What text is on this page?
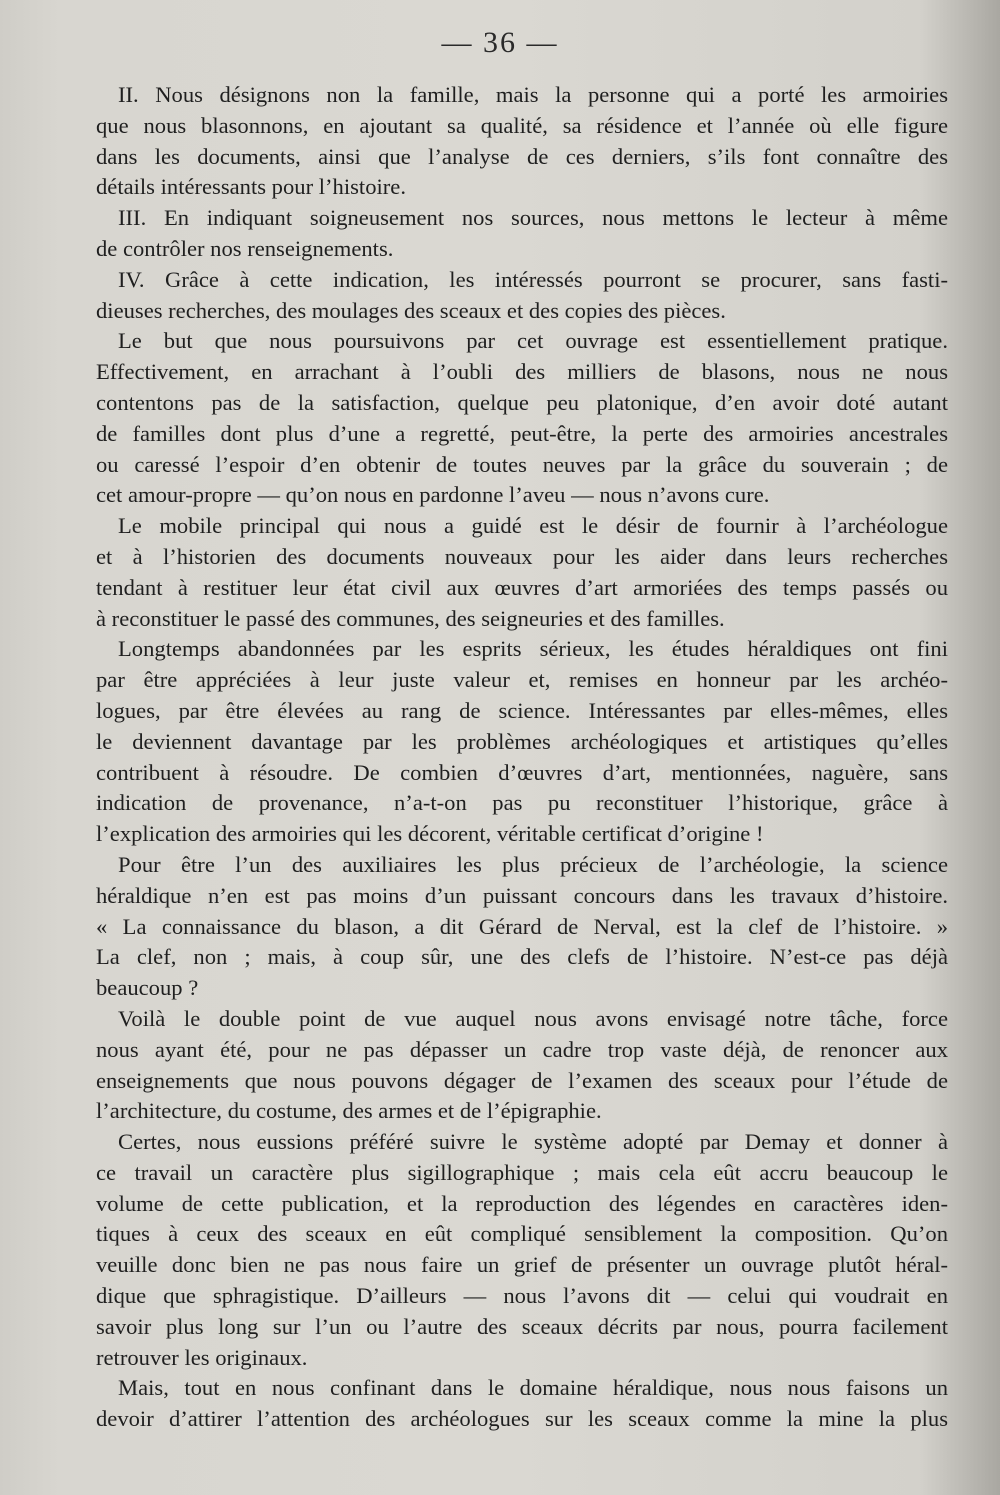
— 36 —

II. Nous désignons non la famille, mais la personne qui a porté les armoiries

que nous blasonnons, en ajoutant sa qualité, sa résidence et l’année où elle figure

dans les documents, ainsi que l’analyse de ces derniers, s’ils font connaître des

détails intéressants pour l’histoire.

III. En indiquant soigneusement nos sources, nous mettons le lecteur à même

de contrôler nos renseignements.

IV. Grâce à cette indication, les intéressés pourront se procurer, sans fasti-

dieuses recherches, des moulages des sceaux et des copies des pièces.

Le but que nous poursuivons par cet ouvrage est essentiellement pratique.

Effectivement, en arrachant à l’oubli des milliers de blasons, nous ne nous

contentons pas de la satisfaction, quelque peu platonique, d’en avoir doté autant

de familles dont plus d’une a regretté, peut-être, la perte des armoiries ancestrales

ou caressé l’espoir d’en obtenir de toutes neuves par la grâce du souverain ; de

cet amour-propre — qu’on nous en pardonne l’aveu — nous n’avons cure.

Le mobile principal qui nous a guidé est le désir de fournir à l’archéologue

et à l’historien des documents nouveaux pour les aider dans leurs recherches

tendant à restituer leur état civil aux œuvres d’art armoriées des temps passés ou

à reconstituer le passé des communes, des seigneuries et des familles.

Longtemps abandonnées par les esprits sérieux, les études héraldiques ont fini

par être appréciées à leur juste valeur et, remises en honneur par les archéo-

logues, par être élevées au rang de science. Intéressantes par elles-mêmes, elles

le deviennent davantage par les problèmes archéologiques et artistiques qu’elles

contribuent à résoudre. De combien d’œuvres d’art, mentionnées, naguère, sans

indication de provenance, n’a-t-on pas pu reconstituer l’historique, grâce à

l’explication des armoiries qui les décorent, véritable certificat d’origine !

Pour être l’un des auxiliaires les plus précieux de l’archéologie, la science

héraldique n’en est pas moins d’un puissant concours dans les travaux d’histoire.

« La connaissance du blason, a dit Gérard de Nerval, est la clef de l’histoire. »

La clef, non ; mais, à coup sûr, une des clefs de l’histoire. N’est-ce pas déjà

beaucoup ?

Voilà le double point de vue auquel nous avons envisagé notre tâche, force

nous ayant été, pour ne pas dépasser un cadre trop vaste déjà, de renoncer aux

enseignements que nous pouvons dégager de l’examen des sceaux pour l’étude de

l’architecture, du costume, des armes et de l’épigraphie.

Certes, nous eussions préféré suivre le système adopté par Demay et donner à

ce travail un caractère plus sigillographique ; mais cela eût accru beaucoup le

volume de cette publication, et la reproduction des légendes en caractères iden-

tiques à ceux des sceaux en eût compliqué sensiblement la composition. Qu’on

veuille donc bien ne pas nous faire un grief de présenter un ouvrage plutôt héral-

dique que sphragistique. D’ailleurs — nous l’avons dit — celui qui voudrait en

savoir plus long sur l’un ou l’autre des sceaux décrits par nous, pourra facilement

retrouver les originaux.

Mais, tout en nous confinant dans le domaine héraldique, nous nous faisons un

devoir d’attirer l’attention des archéologues sur les sceaux comme la mine la plus
